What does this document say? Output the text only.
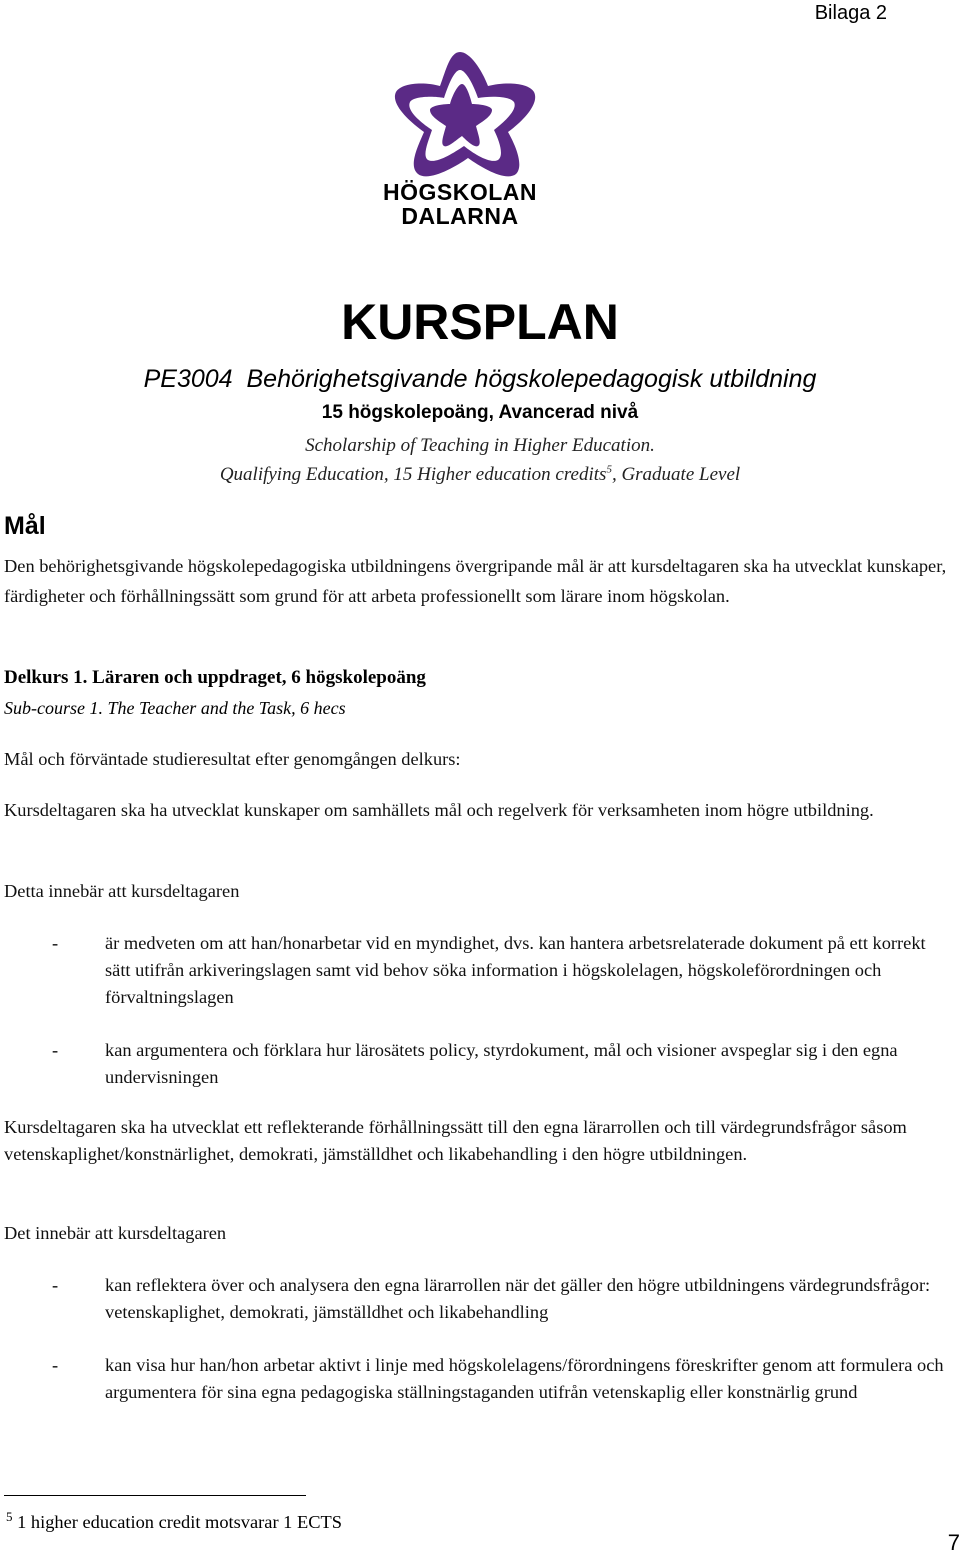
Bilaga 2
HÖGSKOLAN
DALARNA
KURSPLAN
PE3004 Behörighetsgivande högskolepedagogisk utbildning
15 högskolepoäng, Avancerad nivå
Scholarship of Teaching in Higher Education.
Qualifying Education, 15 Higher education credits$^5$, Graduate Level
Mål
Den behörighetsgivande högskolepedagogiska utbildningens övergripande mål är att kursdeltagaren ska ha utvecklat kunskaper, färdigheter och förhållningssätt som grund för att arbeta professionellt som lärare inom högskolan.
Delkurs 1. Läraren och uppdraget, 6 högskolepoäng
Sub-course 1. The Teacher and the Task, 6 hecs
Mål och förväntade studieresultat efter genomgången delkurs:
Kursdeltagaren ska ha utvecklat kunskaper om samhällets mål och regelverk för verksamheten inom högre utbildning.
Detta innebär att kursdeltagaren
-	är medveten om att han/honarbetar vid en myndighet, dvs. kan hantera arbetsrelaterade dokument på ett korrekt sätt utifrån arkiveringslagen samt vid behov söka information i högskolelagen, högskoleförordningen och förvaltningslagen
-	kan argumentera och förklara hur lärosätets policy, styrdokument, mål och visioner avspeglar sig i den egna undervisningen
Kursdeltagaren ska ha utvecklat ett reflekterande förhållningssätt till den egna lärarrollen och till värdegrundsfrågor såsom vetenskaplighet/konstnärlighet, demokrati, jämställdhet och likabehandling i den högre utbildningen.
Det innebär att kursdeltagaren
-	kan reflektera över och analysera den egna lärarrollen när det gäller den högre utbildningens värdegrundsfrågor: vetenskaplighet, demokrati, jämställdhet och likabehandling
-	kan visa hur han/hon arbetar aktivt i linje med högskolelagens/förordningens föreskrifter genom att formulera och argumentera för sina egna pedagogiska ställningstaganden utifrån vetenskaplig eller konstnärlig grund
$^5$ 1 higher education credit motsvarar 1 ECTS
7
